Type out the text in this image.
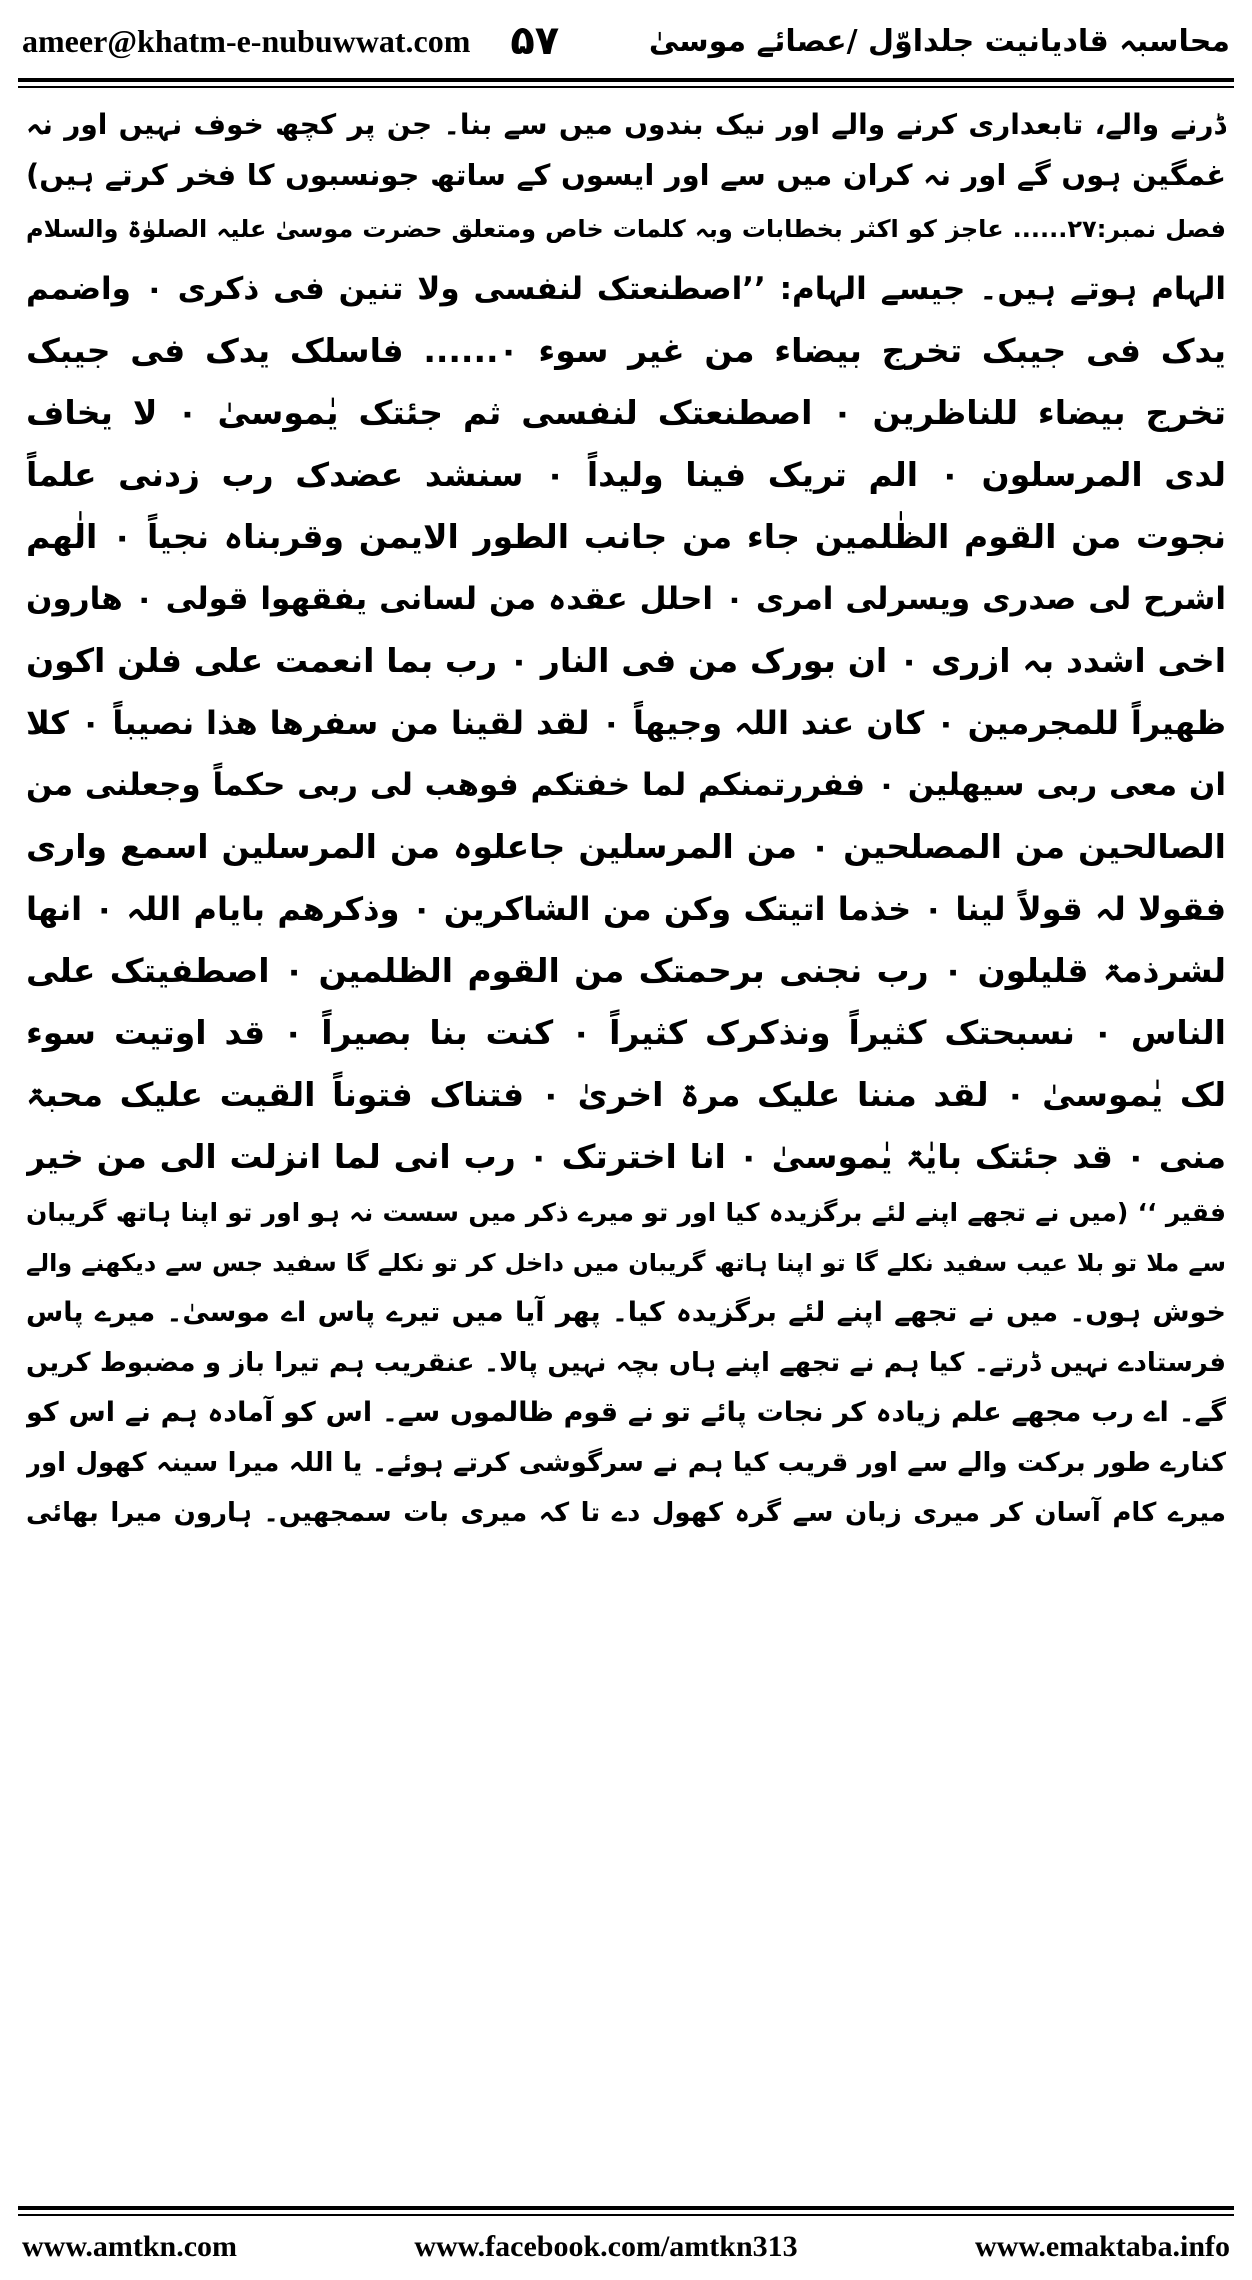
ameer@khatm-e-nubuwwat.com ۵۷	محاسبہ قادیانیت جلداوّل /عصائے موسیٰ
ڈرنے والے، تابعداری کرنے والے اور نیک بندوں میں سے بنا۔ جن پر کچھ خوف نہیں اور نہ
غمگین ہوں گے اور نہ کران میں سے اور ایسوں کے ساتھ جونسبوں کا فخر کرتے ہیں)
فصل نمبر:۲۷...... عاجز کو اکثر بخطابات وبہ کلمات خاص ومتعلق حضرت موسیٰ علیہ الصلوٰۃ والسلام
الہام ہوتے ہیں۔ جیسے الہام: ’’اصطنعتک لنفسی ولا تنین فی ذکری ۰ واضمم
یدک فی جیبک تخرج بیضاء من غیر سوء ۰...... فاسلک یدک فی جیبک
تخرج بیضاء للناظرین ۰ اصطنعتک لنفسی ثم جئتک یٰموسیٰ ۰ لا یخاف
لدی المرسلون ۰ الم تریک فینا ولیداً ۰ سنشد عضدک رب زدنی علماً
نجوت من القوم الظٰلمین جاء من جانب الطور الایمن وقربناہ نجیاً ۰ الٰھم
اشرح لی صدری ویسرلی امری ۰ احلل عقدہ من لسانی یفقھوا قولی ۰ ھارون
اخی اشدد بہ ازری ۰ ان بورک من فی النار ۰ رب بما انعمت علی فلن اکون
ظھیراً للمجرمین ۰ کان عند اللہ وجیھاً ۰ لقد لقینا من سفرھا ھذا نصیباً ۰ کلا
ان معی ربی سیھلین ۰ ففررتمنکم لما خفتکم فوھب لی ربی حکماً وجعلنی من
الصالحین من المصلحین ۰ من المرسلین جاعلوہ من المرسلین اسمع واری
فقولا لہ قولاً لینا ۰ خذما اتیتک وکن من الشاکرین ۰ وذکرھم بایام اللہ ۰ انھا
لشرذمۃ قلیلون ۰ رب نجنی برحمتک من القوم الظلمین ۰ اصطفیتک علی
الناس ۰ نسبحتک کثیراً ونذکرک کثیراً ۰ کنت بنا بصیراً ۰ قد اوتیت سوء
لک یٰموسیٰ ۰ لقد مننا علیک مرۃ اخریٰ ۰ فتناک فتوناً القیت علیک محبۃ
منی ۰ قد جئتک بایٰۃ یٰموسیٰ ۰ انا اخترتک ۰ رب انی لما انزلت الی من خیر
فقیر ‘‘ (میں نے تجھے اپنے لئے برگزیدہ کیا اور تو میرے ذکر میں سست نہ ہو اور تو اپنا ہاتھ گریبان
سے ملا تو بلا عیب سفید نکلے گا تو اپنا ہاتھ گریبان میں داخل کر تو نکلے گا سفید جس سے دیکھنے والے
خوش ہوں۔ میں نے تجھے اپنے لئے برگزیدہ کیا۔ پھر آیا میں تیرے پاس اے موسیٰ۔ میرے پاس
فرستادے نہیں ڈرتے۔ کیا ہم نے تجھے اپنے ہاں بچہ نہیں پالا۔ عنقریب ہم تیرا باز و مضبوط کریں
گے۔ اے رب مجھے علم زیادہ کر نجات پائے تو نے قوم ظالموں سے۔ اس کو آمادہ ہم نے اس کو
کنارے طور برکت والے سے اور قریب کیا ہم نے سرگوشی کرتے ہوئے۔ یا اللہ میرا سینہ کھول اور
میرے کام آسان کر میری زبان سے گرہ کھول دے تا کہ میری بات سمجھیں۔ ہارون میرا بھائی
www.amtkn.com	www.facebook.com/amtkn313	www.emaktaba.info
